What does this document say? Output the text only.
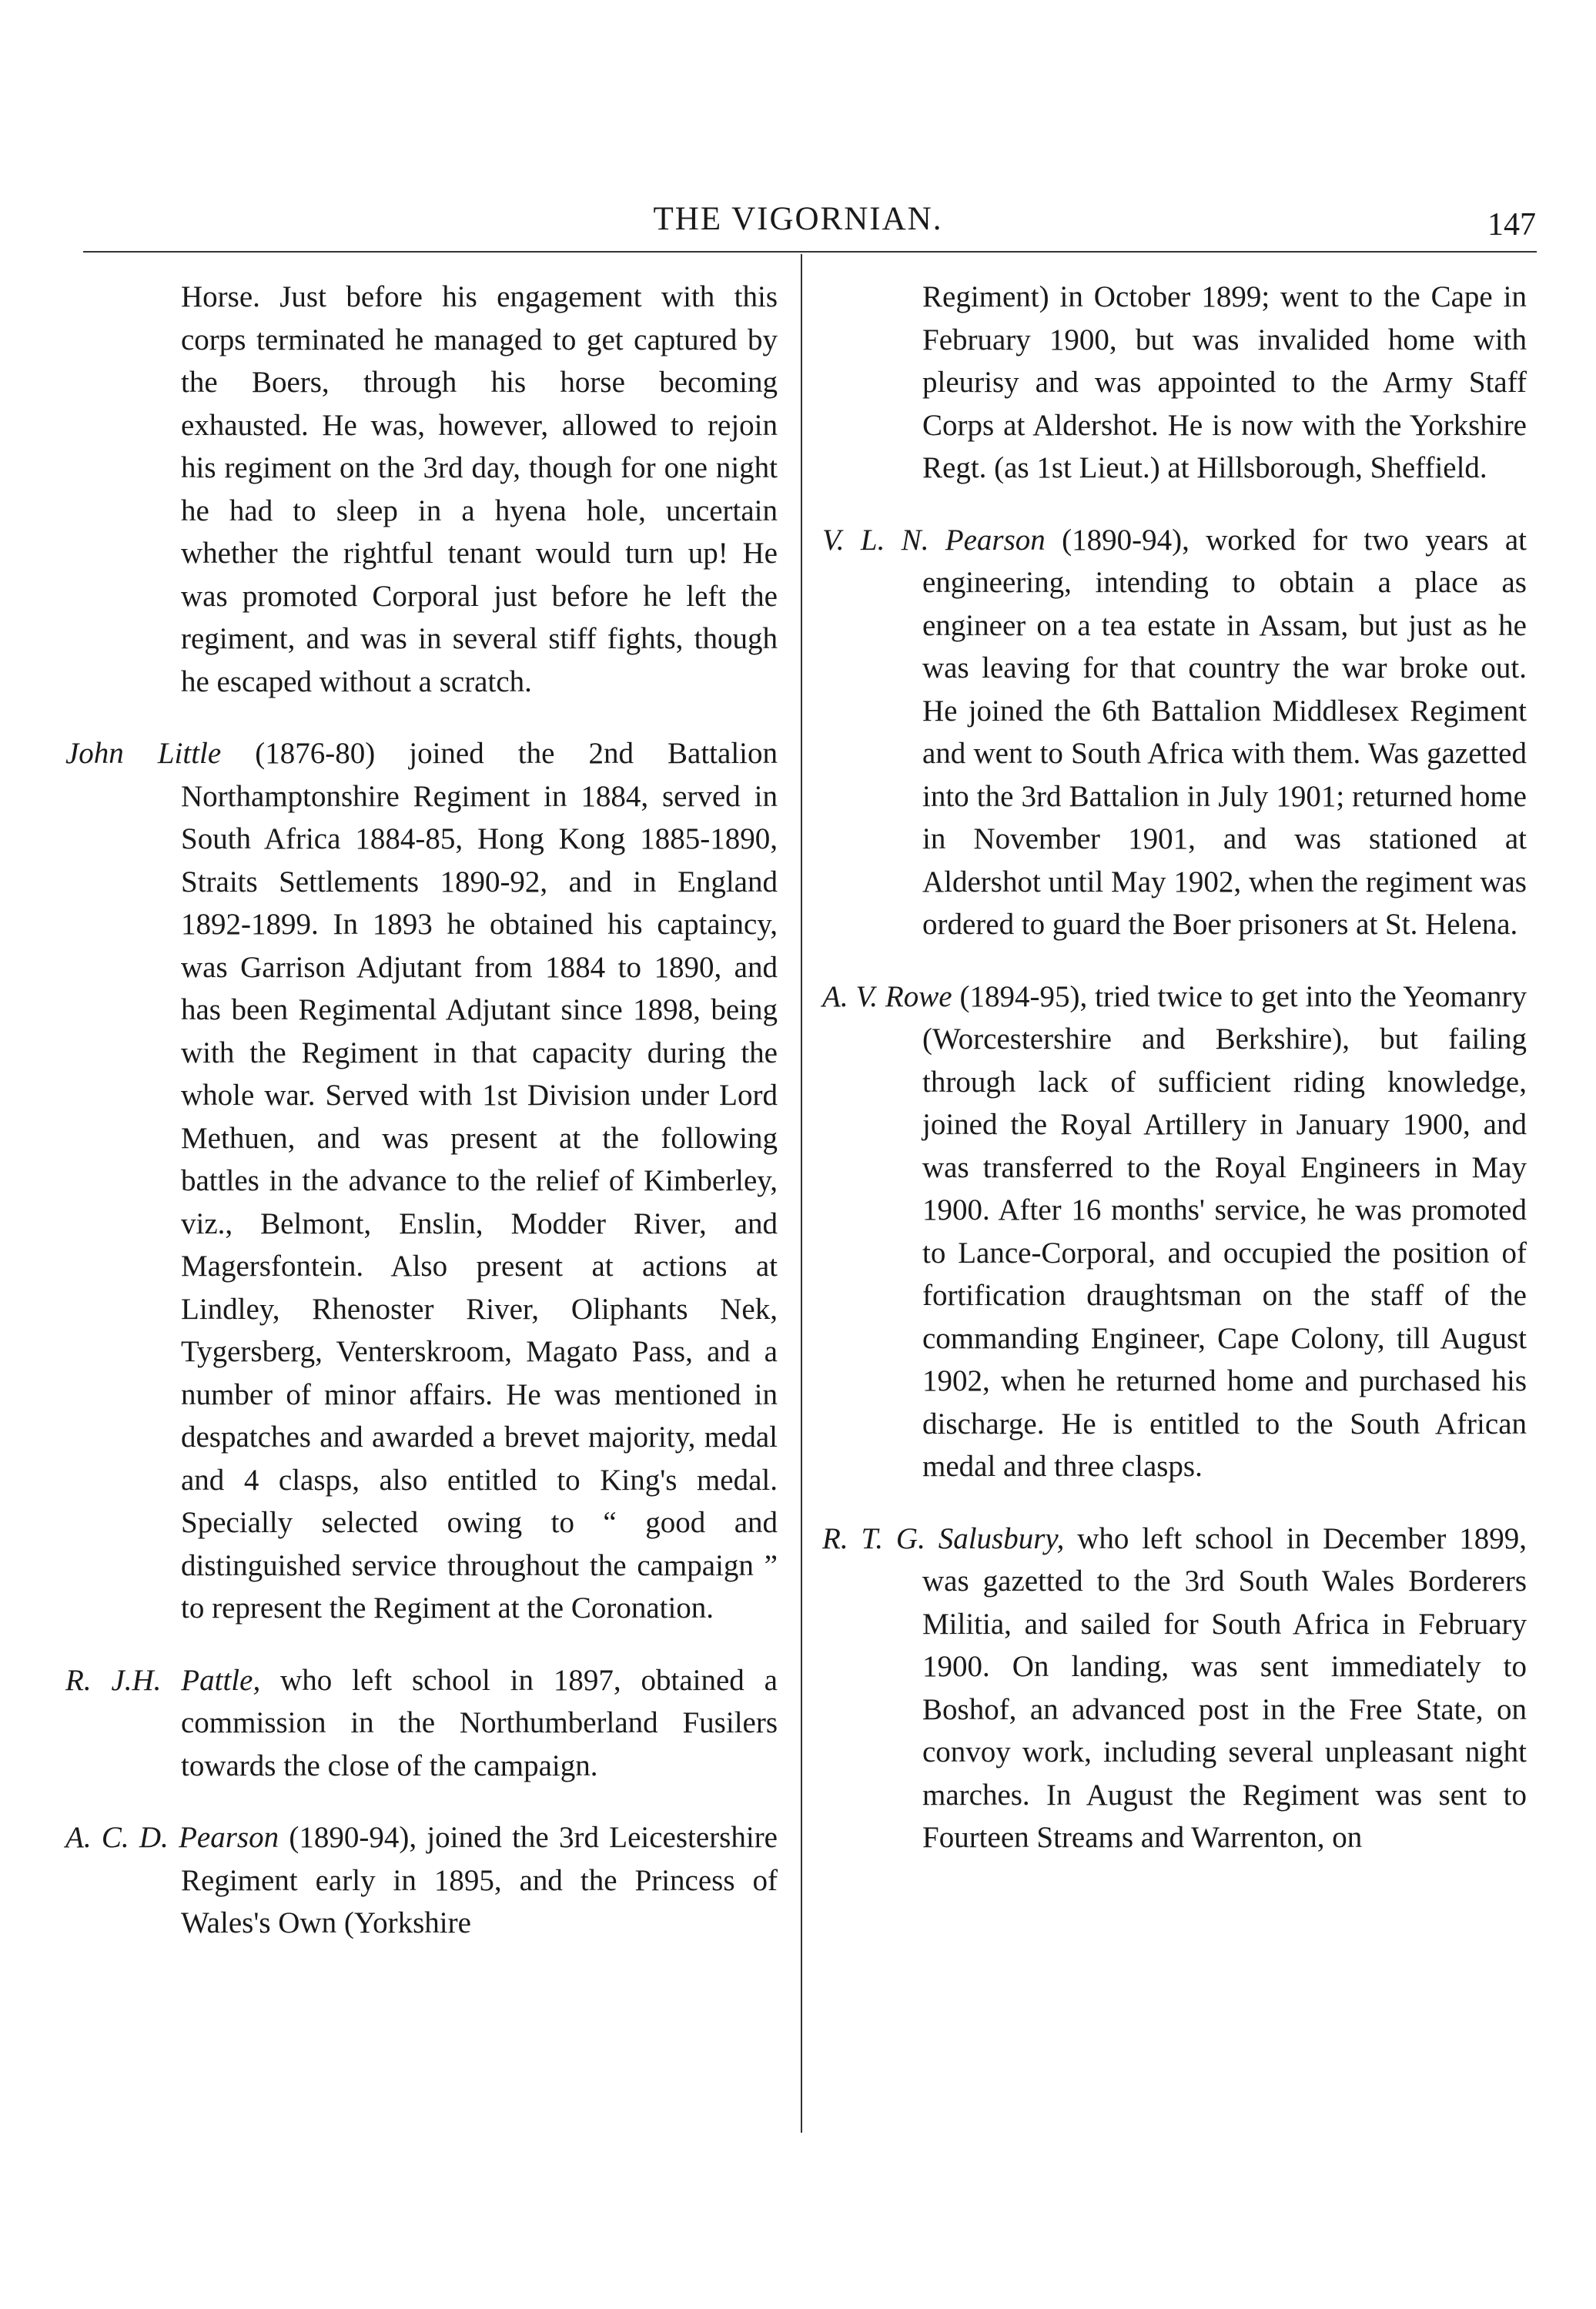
THE VIGORNIAN.	147

Horse. Just before his engagement with this corps terminated he managed to get captured by the Boers, through his horse becoming exhausted. He was, however, allowed to rejoin his regiment on the 3rd day, though for one night he had to sleep in a hyena hole, uncertain whether the rightful tenant would turn up! He was promoted Corporal just before he left the regiment, and was in several stiff fights, though he escaped without a scratch.

John Little (1876-80) joined the 2nd Battalion Northamptonshire Regiment in 1884, served in South Africa 1884-85, Hong Kong 1885-1890, Straits Settlements 1890-92, and in England 1892-1899. In 1893 he obtained his captaincy, was Garrison Adjutant from 1884 to 1890, and has been Regimental Adjutant since 1898, being with the Regiment in that capacity during the whole war. Served with 1st Division under Lord Methuen, and was present at the following battles in the advance to the relief of Kimberley, viz., Belmont, Enslin, Modder River, and Magersfontein. Also present at actions at Lindley, Rhenoster River, Oliphants Nek, Tygersberg, Venterskroom, Magato Pass, and a number of minor affairs. He was mentioned in despatches and awarded a brevet majority, medal and 4 clasps, also entitled to King's medal. Specially selected owing to “ good and distinguished service throughout the campaign ” to represent the Regiment at the Coronation.

R. J.H. Pattle, who left school in 1897, obtained a commission in the Northumberland Fusilers towards the close of the campaign.

A. C. D. Pearson (1890-94), joined the 3rd Leicestershire Regiment early in 1895, and the Princess of Wales's Own (Yorkshire

Regiment) in October 1899; went to the Cape in February 1900, but was invalided home with pleurisy and was appointed to the Army Staff Corps at Aldershot. He is now with the Yorkshire Regt. (as 1st Lieut.) at Hillsborough, Sheffield.

V. L. N. Pearson (1890-94), worked for two years at engineering, intending to obtain a place as engineer on a tea estate in Assam, but just as he was leaving for that country the war broke out. He joined the 6th Battalion Middlesex Regiment and went to South Africa with them. Was gazetted into the 3rd Battalion in July 1901; returned home in November 1901, and was stationed at Aldershot until May 1902, when the regiment was ordered to guard the Boer prisoners at St. Helena.

A. V. Rowe (1894-95), tried twice to get into the Yeomanry (Worcestershire and Berkshire), but failing through lack of sufficient riding knowledge, joined the Royal Artillery in January 1900, and was transferred to the Royal Engineers in May 1900. After 16 months' service, he was promoted to Lance-Corporal, and occupied the position of fortification draughtsman on the staff of the commanding Engineer, Cape Colony, till August 1902, when he returned home and purchased his discharge. He is entitled to the South African medal and three clasps.

R. T. G. Salusbury, who left school in December 1899, was gazetted to the 3rd South Wales Borderers Militia, and sailed for South Africa in February 1900. On landing, was sent immediately to Boshof, an advanced post in the Free State, on convoy work, including several unpleasant night marches. In August the Regiment was sent to Fourteen Streams and Warrenton, on
